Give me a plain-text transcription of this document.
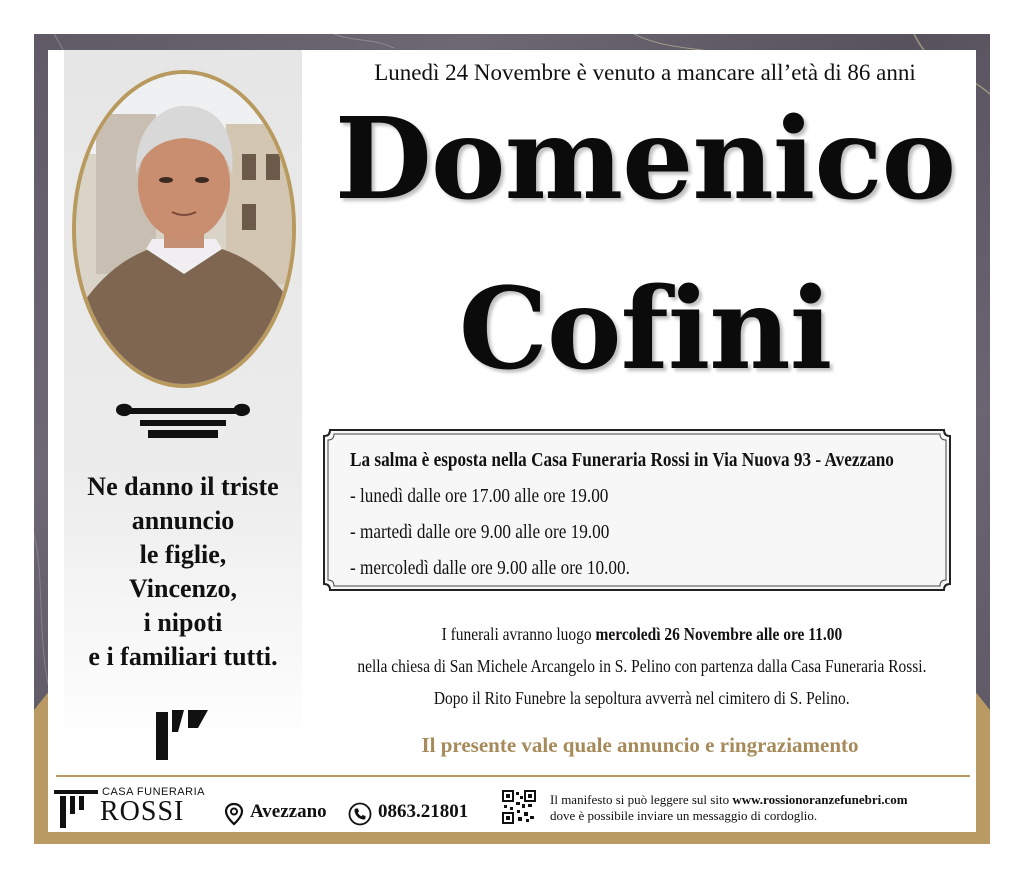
Ne danno il triste
annuncio
le figlie,
Vincenzo,
i nipoti
e i familiari tutti.
Lunedì 24 Novembre è venuto a mancare all’età di 86 anni
Domenico
Cofini
La salma è esposta nella Casa Funeraria Rossi in Via Nuova 93 - Avezzano
- lunedì dalle ore 17.00 alle ore 19.00
- martedì dalle ore 9.00 alle ore 19.00
- mercoledì dalle ore 9.00 alle ore 10.00.
I funerali avranno luogo mercoledì 26 Novembre alle ore 11.00
nella chiesa di San Michele Arcangelo in S. Pelino con partenza dalla Casa Funeraria Rossi.
Dopo il Rito Funebre la sepoltura avverrà nel cimitero di S. Pelino.
Il presente vale quale annuncio e ringraziamento
CASA FUNERARIA
ROSSI	Avezzano	0863.21801
Il manifesto si può leggere sul sito www.rossionoranzefunebri.com
dove è possibile inviare un messaggio di cordoglio.
